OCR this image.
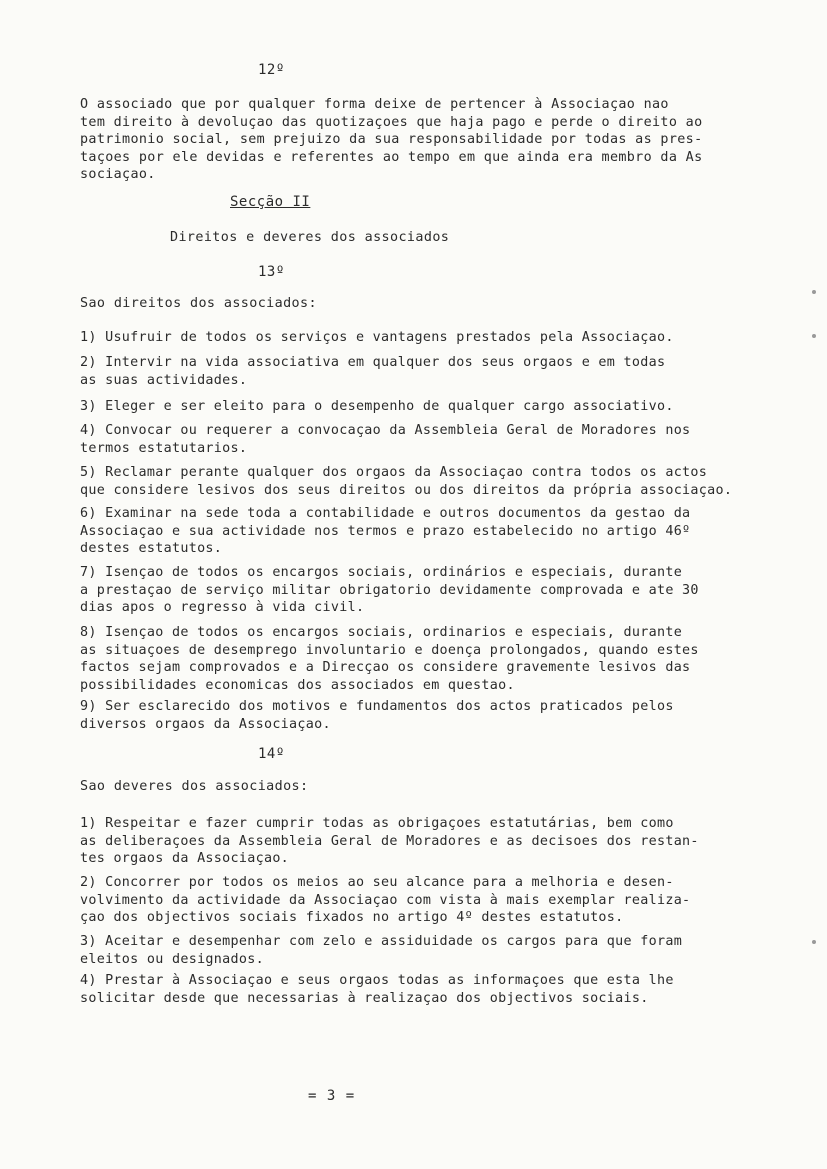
12º

O associado que por qualquer forma deixe de pertencer à Associaçao nao
tem direito à devoluçao das quotizaçoes que haja pago e perde o direito ao
patrimonio social, sem prejuizo da sua responsabilidade por todas as pres-
taçoes por ele devidas e referentes ao tempo em que ainda era membro da As
sociaçao.

Secção II
Direitos e deveres dos associados
13º
Sao direitos dos associados:

1) Usufruir de todos os serviços e vantagens prestados pela Associaçao.

2) Intervir na vida associativa em qualquer dos seus orgaos e em todas
as suas actividades.

3) Eleger e ser eleito para o desempenho de qualquer cargo associativo.

4) Convocar ou requerer a convocaçao da Assembleia Geral de Moradores nos
termos estatutarios.

5) Reclamar perante qualquer dos orgaos da Associaçao contra todos os actos
que considere lesivos dos seus direitos ou dos direitos da própria associaçao.

6) Examinar na sede toda a contabilidade e outros documentos da gestao da
Associaçao e sua actividade nos termos e prazo estabelecido no artigo 46º
destes estatutos.

7) Isençao de todos os encargos sociais, ordinários e especiais, durante
a prestaçao de serviço militar obrigatorio devidamente comprovada e ate 30
dias apos o regresso à vida civil.

8) Isençao de todos os encargos sociais, ordinarios e especiais, durante
as situaçoes de desemprego involuntario e doença prolongados, quando estes
factos sejam comprovados e a Direcçao os considere gravemente lesivos das
possibilidades economicas dos associados em questao.

9) Ser esclarecido dos motivos e fundamentos dos actos praticados pelos
diversos orgaos da Associaçao.

14º
Sao deveres dos associados:

1) Respeitar e fazer cumprir todas as obrigaçoes estatutárias, bem como
as deliberaçoes da Assembleia Geral de Moradores e as decisoes dos restan-
tes orgaos da Associaçao.

2) Concorrer por todos os meios ao seu alcance para a melhoria e desen-
volvimento da actividade da Associaçao com vista à mais exemplar realiza-
çao dos objectivos sociais fixados no artigo 4º destes estatutos.

3) Aceitar e desempenhar com zelo e assiduidade os cargos para que foram
eleitos ou designados.

4) Prestar à Associaçao e seus orgaos todas as informaçoes que esta lhe
solicitar desde que necessarias à realizaçao dos objectivos sociais.

= 3 =
